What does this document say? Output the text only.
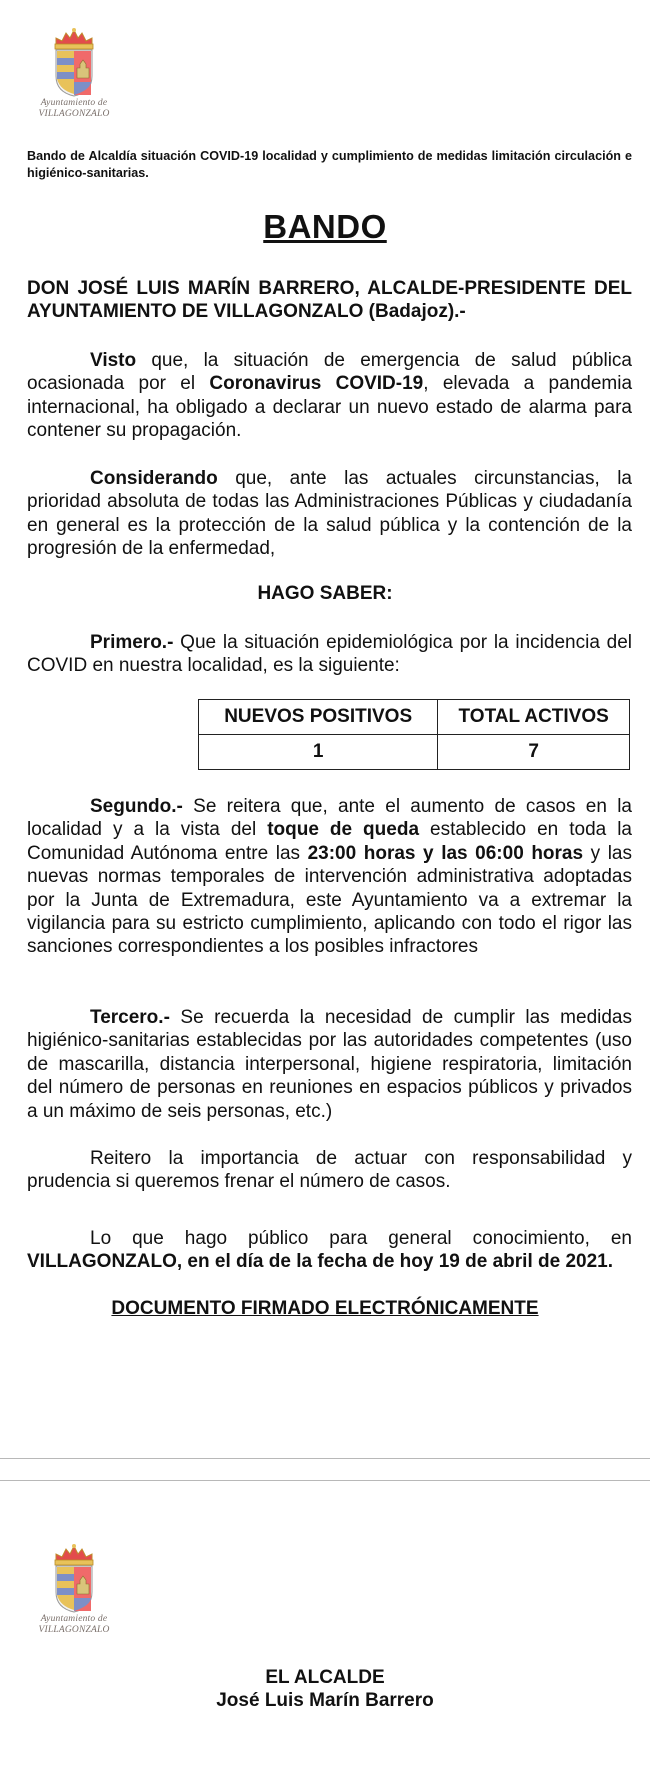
Ayuntamiento de
VILLAGONZALO
Bando de Alcaldía situación COVID-19 localidad y cumplimiento de medidas limitación circulación e higiénico-sanitarias.
BANDO
DON JOSÉ LUIS MARÍN BARRERO, ALCALDE-PRESIDENTE DEL AYUNTAMIENTO DE VILLAGONZALO (Badajoz).-
Visto que, la situación de emergencia de salud pública ocasionada por el Coronavirus COVID-19, elevada a pandemia internacional, ha obligado a declarar un nuevo estado de alarma para contener su propagación.
Considerando que, ante las actuales circunstancias, la prioridad absoluta de todas las Administraciones Públicas y ciudadanía en general es la protección de la salud pública y la contención de la progresión de la enfermedad,
HAGO SABER:
Primero.- Que la situación epidemiológica por la incidencia del COVID en nuestra localidad, es la siguiente:
NUEVOS POSITIVOS	TOTAL ACTIVOS
1	7
Segundo.- Se reitera que, ante el aumento de casos en la localidad y a la vista del toque de queda establecido en toda la Comunidad Autónoma entre las 23:00 horas y las 06:00 horas y las nuevas normas temporales de intervención administrativa adoptadas por la Junta de Extremadura, este Ayuntamiento va a extremar la vigilancia para su estricto cumplimiento, aplicando con todo el rigor las sanciones correspondientes a los posibles infractores
Tercero.- Se recuerda la necesidad de cumplir las medidas higiénico-sanitarias establecidas por las autoridades competentes (uso de mascarilla, distancia interpersonal, higiene respiratoria, limitación del número de personas en reuniones en espacios públicos y privados a un máximo de seis personas, etc.)
Reitero la importancia de actuar con responsabilidad y prudencia si queremos frenar el número de casos.
Lo que hago público para general conocimiento, en VILLAGONZALO, en el día de la fecha de hoy 19 de abril de 2021.
DOCUMENTO FIRMADO ELECTRÓNICAMENTE
Ayuntamiento de
VILLAGONZALO
EL ALCALDE
José Luis Marín Barrero
